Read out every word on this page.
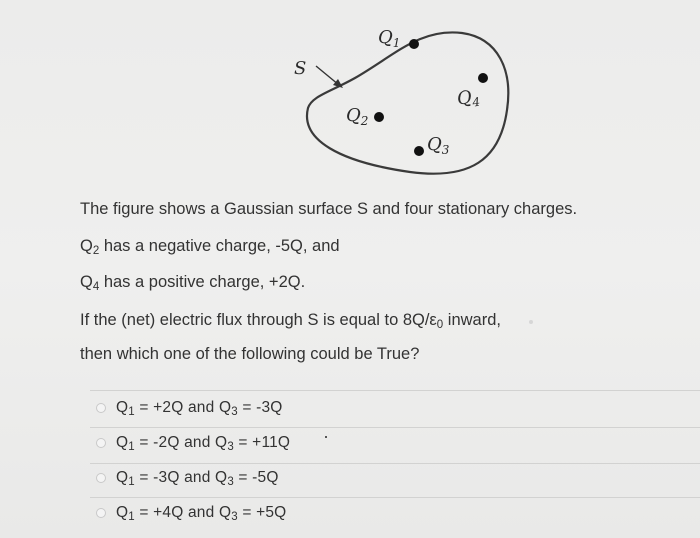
S
$Q_1$
$Q_2$
$Q_3$
$Q_4$
The figure shows a Gaussian surface S and four stationary charges.
$Q_2$ has a negative charge, -5Q, and
$Q_4$ has a positive charge, +2Q.
If the (net) electric flux through S is equal to $8Q/\varepsilon_0$ inward,
then which one of the following could be True?
$Q_1 = +2Q$ and $Q_3 = -3Q$
$Q_1 = -2Q$ and $Q_3 = +11Q$
$Q_1 = -3Q$ and $Q_3 = -5Q$
$Q_1 = +4Q$ and $Q_3 = +5Q$
